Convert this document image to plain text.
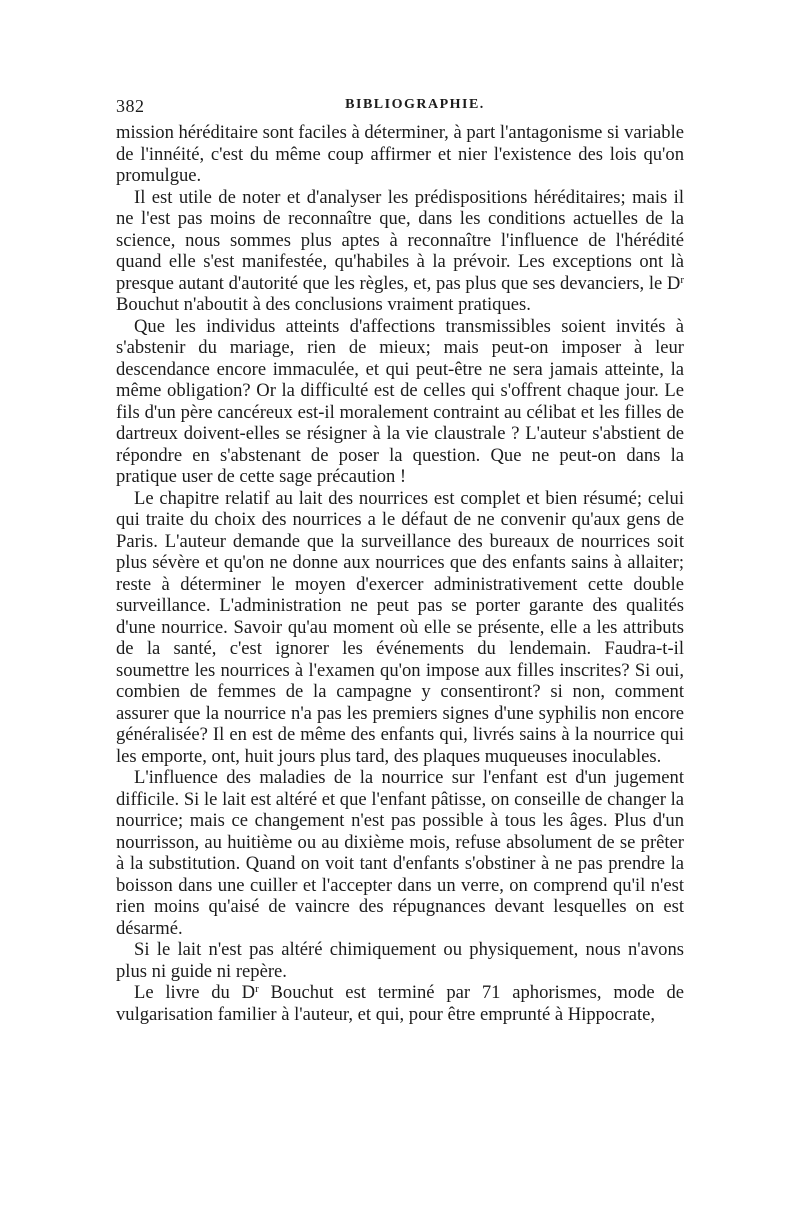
382	BIBLIOGRAPHIE.

mission héréditaire sont faciles à déterminer, à part l'antagonisme si variable de l'innéité, c'est du même coup affirmer et nier l'existence des lois qu'on promulgue.

Il est utile de noter et d'analyser les prédispositions héréditaires; mais il ne l'est pas moins de reconnaître que, dans les conditions actuelles de la science, nous sommes plus aptes à reconnaître l'influence de l'hérédité quand elle s'est manifestée, qu'habiles à la prévoir. Les exceptions ont là presque autant d'autorité que les règles, et, pas plus que ses devanciers, le $D^r$ Bouchut n'aboutit à des conclusions vraiment pratiques.

Que les individus atteints d'affections transmissibles soient invités à s'abstenir du mariage, rien de mieux; mais peut-on imposer à leur descendance encore immaculée, et qui peut-être ne sera jamais atteinte, la même obligation? Or la difficulté est de celles qui s'offrent chaque jour. Le fils d'un père cancéreux est-il moralement contraint au célibat et les filles de dartreux doivent-elles se résigner à la vie claustrale ? L'auteur s'abstient de répondre en s'abstenant de poser la question. Que ne peut-on dans la pratique user de cette sage précaution !

Le chapitre relatif au lait des nourrices est complet et bien résumé; celui qui traite du choix des nourrices a le défaut de ne convenir qu'aux gens de Paris. L'auteur demande que la surveillance des bureaux de nourrices soit plus sévère et qu'on ne donne aux nourrices que des enfants sains à allaiter; reste à déterminer le moyen d'exercer administrativement cette double surveillance. L'administration ne peut pas se porter garante des qualités d'une nourrice. Savoir qu'au moment où elle se présente, elle a les attributs de la santé, c'est ignorer les événements du lendemain. Faudra-t-il soumettre les nourrices à l'examen qu'on impose aux filles inscrites? Si oui, combien de femmes de la campagne y consentiront? si non, comment assurer que la nourrice n'a pas les premiers signes d'une syphilis non encore généralisée? Il en est de même des enfants qui, livrés sains à la nourrice qui les emporte, ont, huit jours plus tard, des plaques muqueuses inoculables.

L'influence des maladies de la nourrice sur l'enfant est d'un jugement difficile. Si le lait est altéré et que l'enfant pâtisse, on conseille de changer la nourrice; mais ce changement n'est pas possible à tous les âges. Plus d'un nourrisson, au huitième ou au dixième mois, refuse absolument de se prêter à la substitution. Quand on voit tant d'enfants s'obstiner à ne pas prendre la boisson dans une cuiller et l'accepter dans un verre, on comprend qu'il n'est rien moins qu'aisé de vaincre des répugnances devant lesquelles on est désarmé.

Si le lait n'est pas altéré chimiquement ou physiquement, nous n'avons plus ni guide ni repère.

Le livre du $D^r$ Bouchut est terminé par 71 aphorismes, mode de vulgarisation familier à l'auteur, et qui, pour être emprunté à Hippocrate,
